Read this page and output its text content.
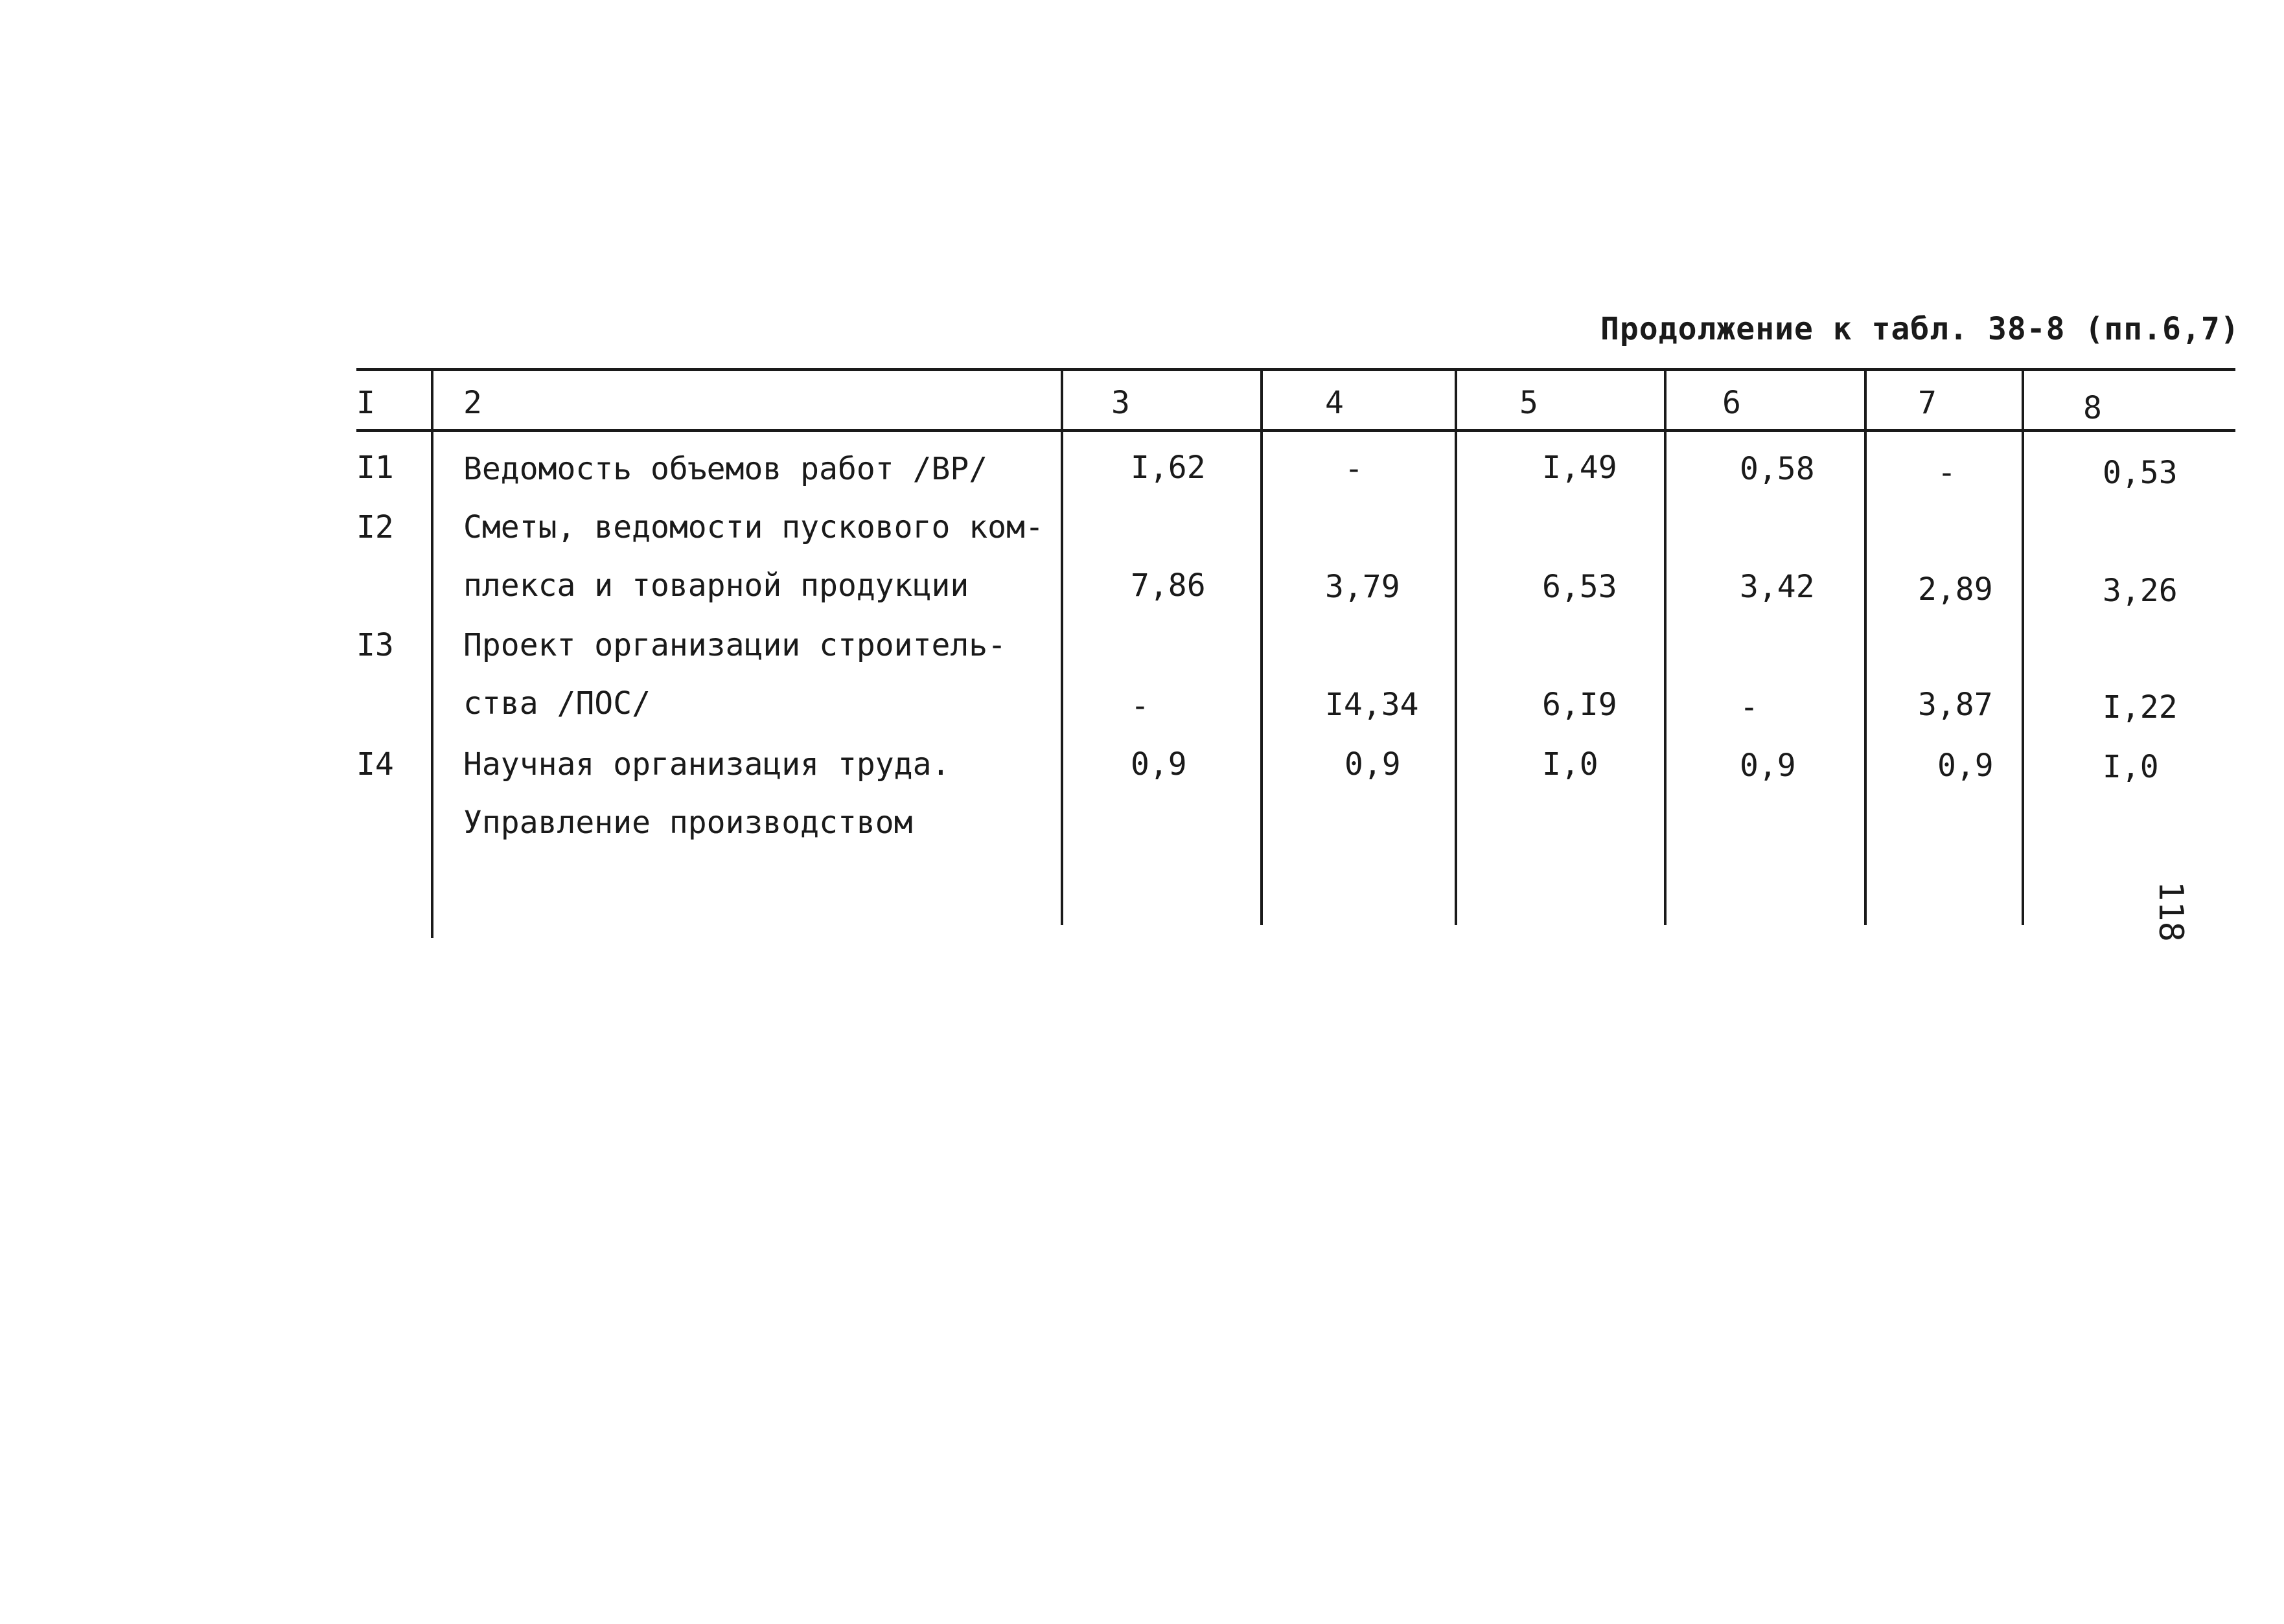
Продолжение к табл. 38-8 (пп.6,7)
I	2	3	4	5	6	7	8
I1 Ведомость объемов работ /ВР/	I,62	-	I,49	0,58	-	0,53
I2 Сметы, ведомости пускового ком-
плекса и товарной продукции	7,86	3,79	6,53	3,42	2,89	3,26
I3 Проект организации строитель-
ства /ПОС/	-	I4,34	6,I9	-	3,87	I,22
I4 Научная организация труда.
Управление производством
0,9	0,9	I,0	0,9	0,9	I,0
118
